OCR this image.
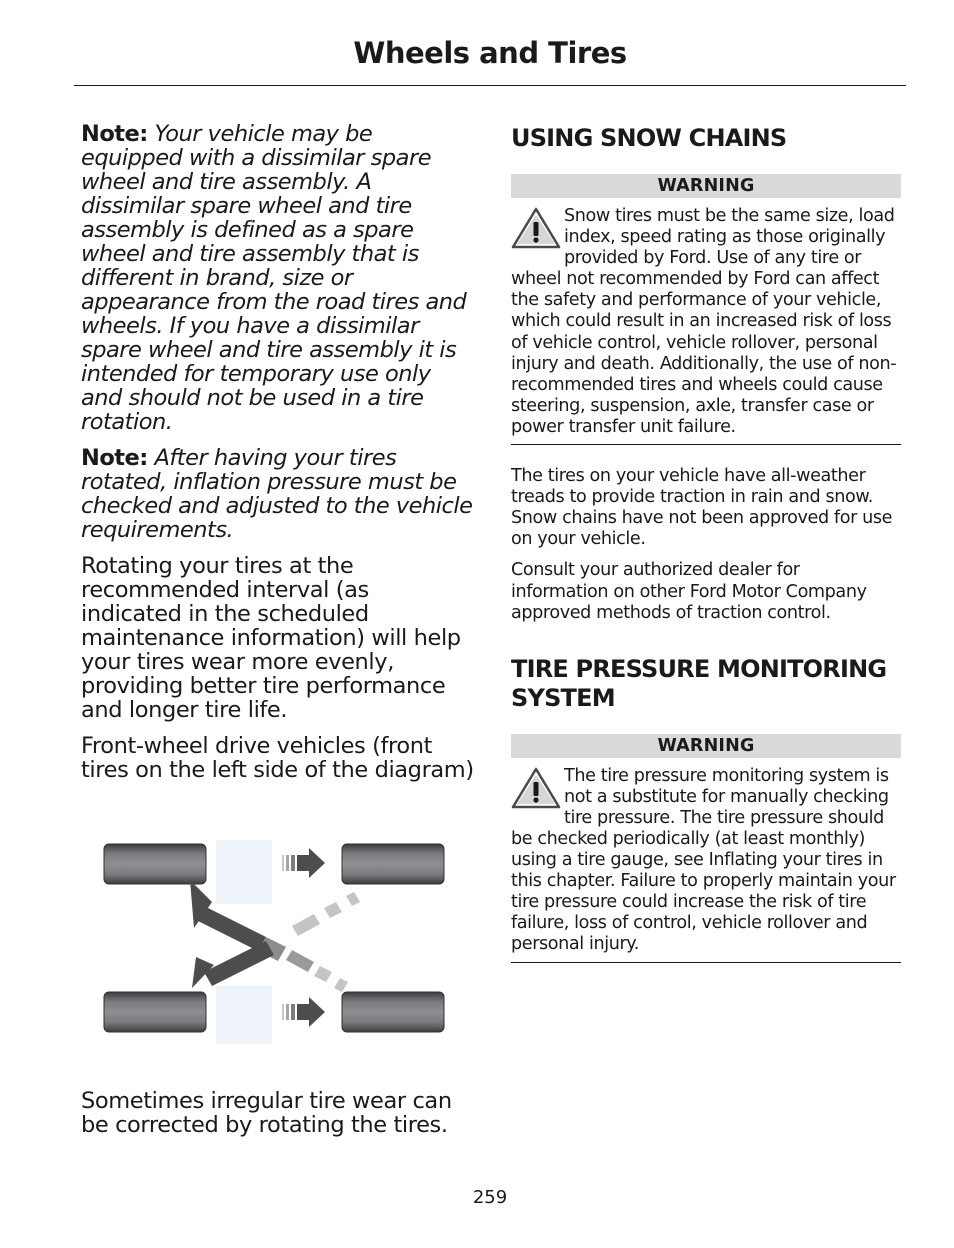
Wheels and Tires

Note: Your vehicle may be equipped with a dissimilar spare wheel and tire assembly. A dissimilar spare wheel and tire assembly is defined as a spare wheel and tire assembly that is different in brand, size or appearance from the road tires and wheels. If you have a dissimilar spare wheel and tire assembly it is intended for temporary use only and should not be used in a tire rotation.

Note: After having your tires rotated, inflation pressure must be checked and adjusted to the vehicle requirements.

Rotating your tires at the recommended interval (as indicated in the scheduled maintenance information) will help your tires wear more evenly, providing better tire performance and longer tire life.

Front-wheel drive vehicles (front tires on the left side of the diagram)

Sometimes irregular tire wear can be corrected by rotating the tires.

USING SNOW CHAINS
WARNING
Snow tires must be the same size, load index, speed rating as those originally provided by Ford. Use of any tire or wheel not recommended by Ford can affect the safety and performance of your vehicle, which could result in an increased risk of loss of vehicle control, vehicle rollover, personal injury and death. Additionally, the use of non-recommended tires and wheels could cause steering, suspension, axle, transfer case or power transfer unit failure.

The tires on your vehicle have all-weather treads to provide traction in rain and snow. Snow chains have not been approved for use on your vehicle.

Consult your authorized dealer for information on other Ford Motor Company approved methods of traction control.

TIRE PRESSURE MONITORING SYSTEM
WARNING
The tire pressure monitoring system is not a substitute for manually checking tire pressure. The tire pressure should be checked periodically (at least monthly) using a tire gauge, see Inflating your tires in this chapter. Failure to properly maintain your tire pressure could increase the risk of tire failure, loss of control, vehicle rollover and personal injury.
259
